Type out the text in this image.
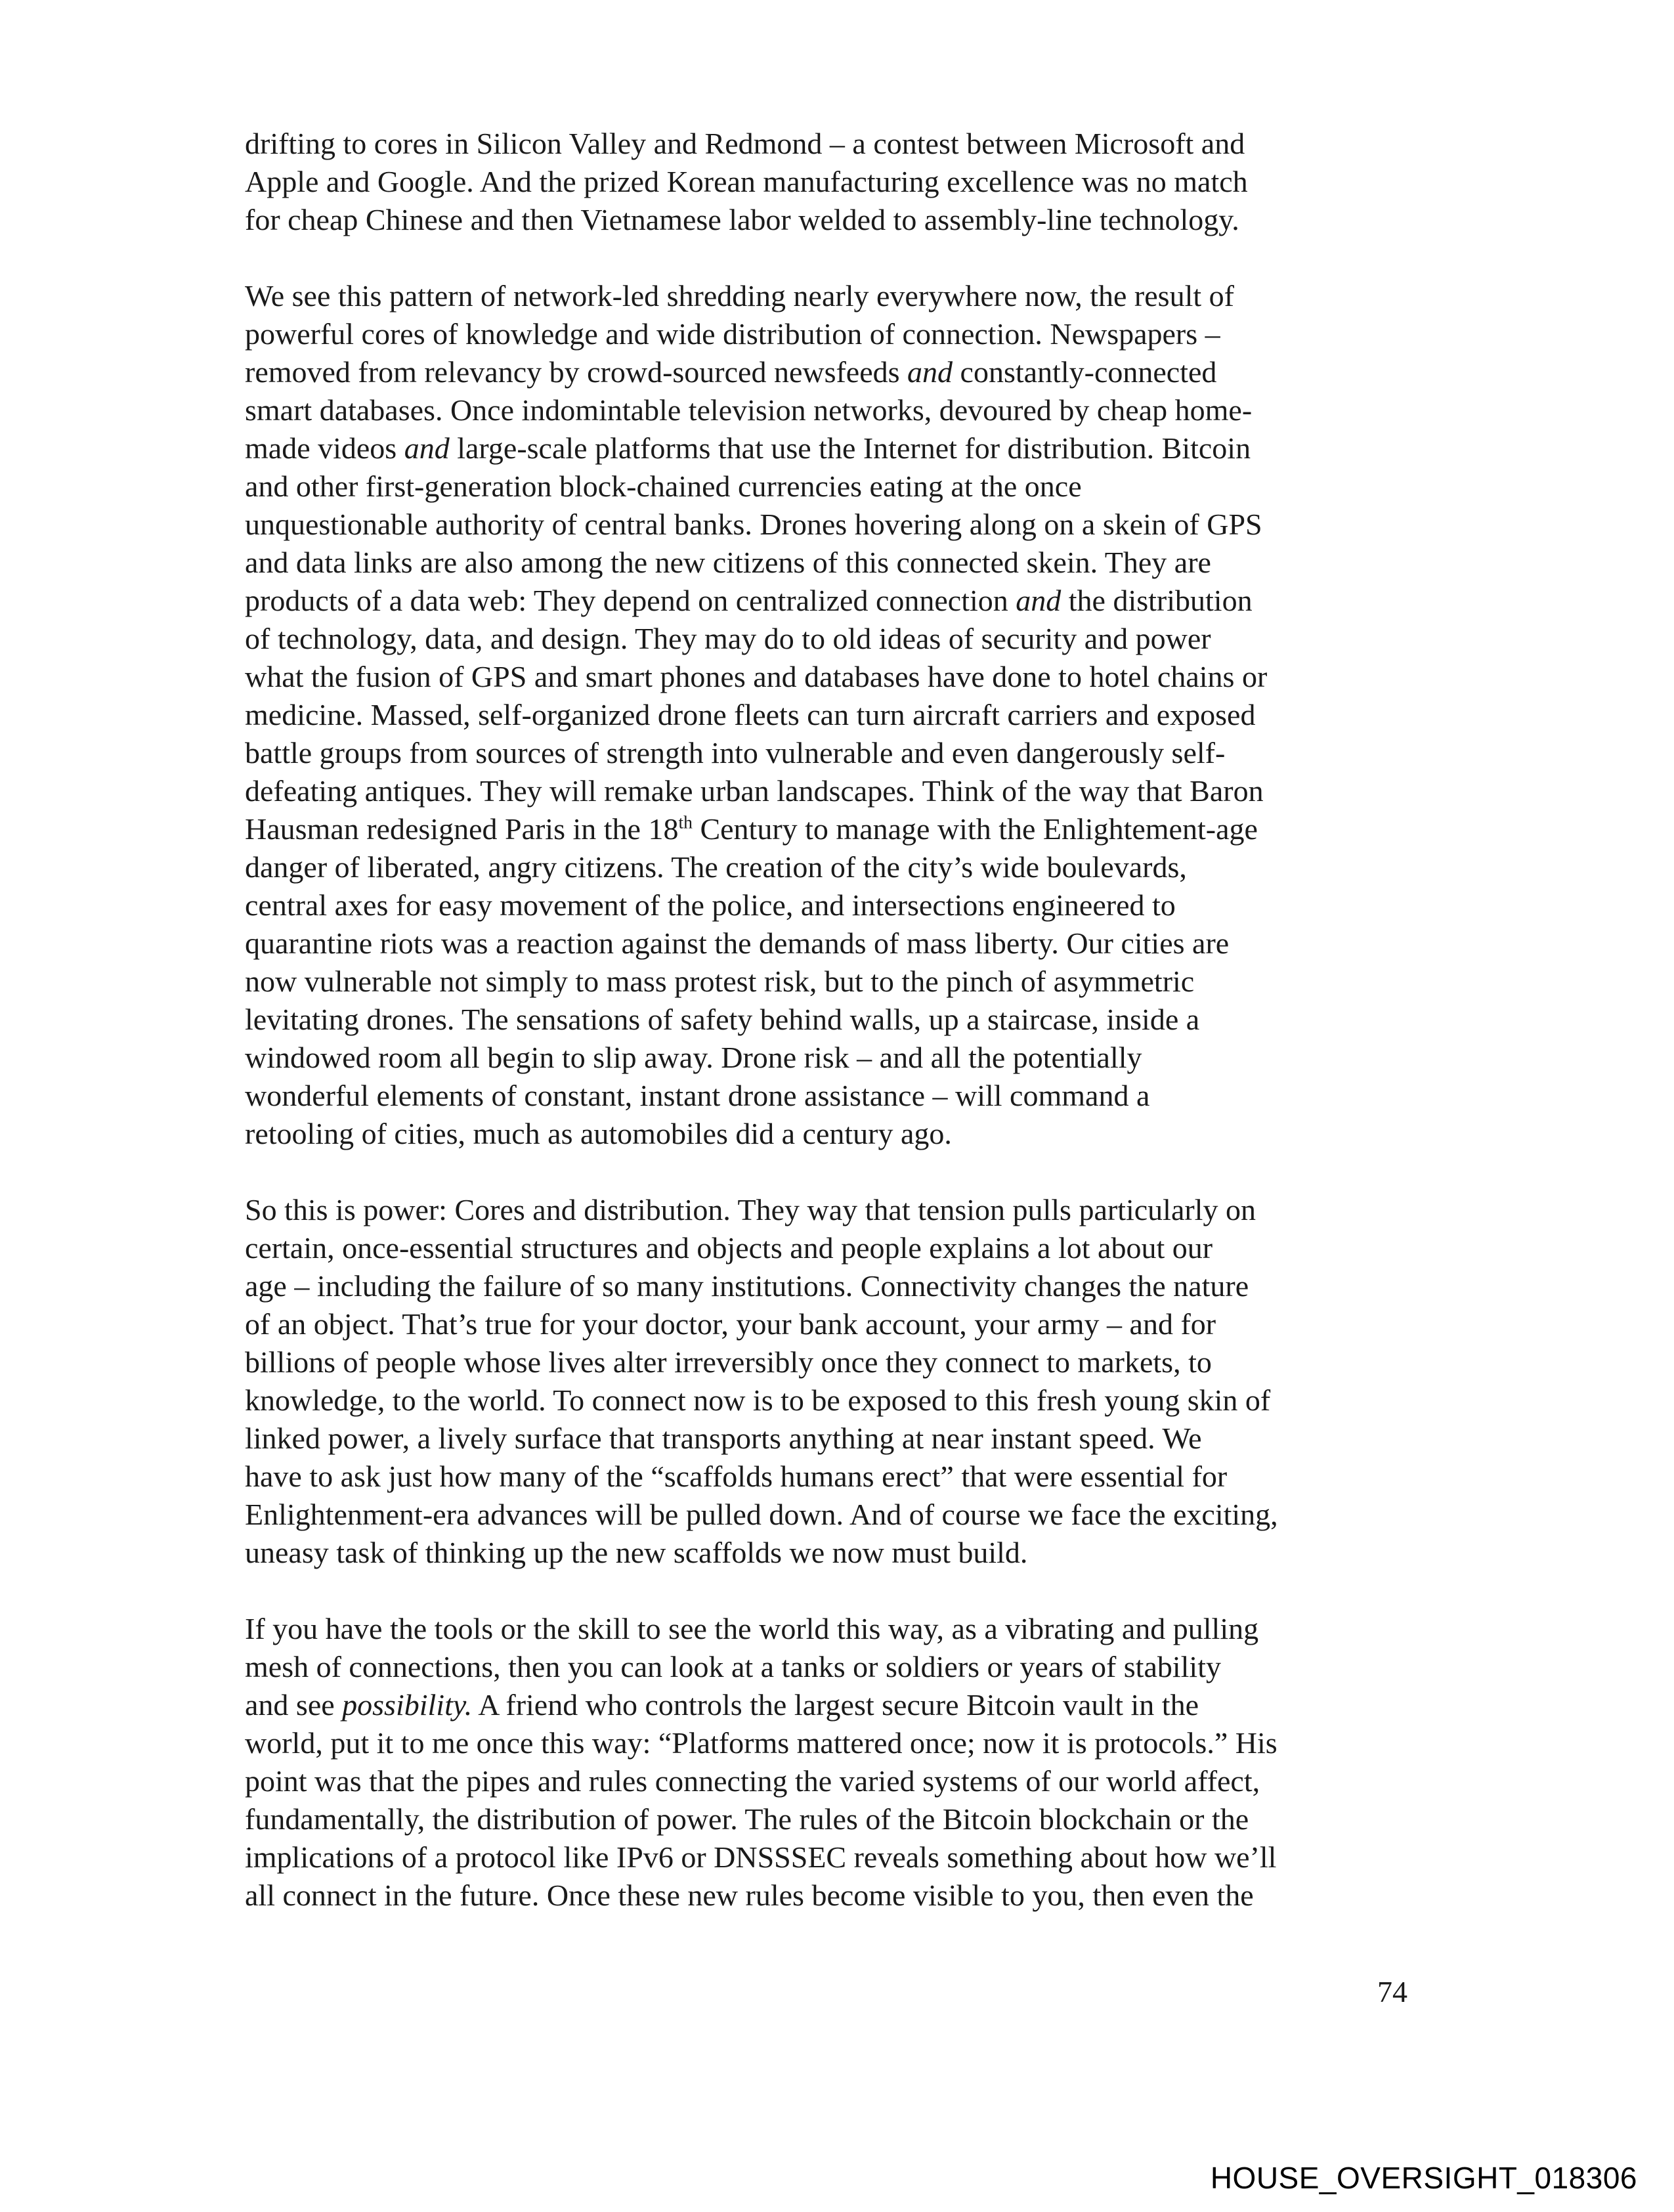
drifting to cores in Silicon Valley and Redmond – a contest between Microsoft and
Apple and Google. And the prized Korean manufacturing excellence was no match
for cheap Chinese and then Vietnamese labor welded to assembly-line technology.
We see this pattern of network-led shredding nearly everywhere now, the result of
powerful cores of knowledge and wide distribution of connection. Newspapers –
removed from relevancy by crowd-sourced newsfeeds and constantly-connected
smart databases. Once indomintable television networks, devoured by cheap home-
made videos and large-scale platforms that use the Internet for distribution. Bitcoin
and other first-generation block-chained currencies eating at the once
unquestionable authority of central banks. Drones hovering along on a skein of GPS
and data links are also among the new citizens of this connected skein. They are
products of a data web: They depend on centralized connection and the distribution
of technology, data, and design. They may do to old ideas of security and power
what the fusion of GPS and smart phones and databases have done to hotel chains or
medicine. Massed, self-organized drone fleets can turn aircraft carriers and exposed
battle groups from sources of strength into vulnerable and even dangerously self-
defeating antiques. They will remake urban landscapes. Think of the way that Baron
Hausman redesigned Paris in the 18th Century to manage with the Enlightement-age
danger of liberated, angry citizens. The creation of the city’s wide boulevards,
central axes for easy movement of the police, and intersections engineered to
quarantine riots was a reaction against the demands of mass liberty. Our cities are
now vulnerable not simply to mass protest risk, but to the pinch of asymmetric
levitating drones. The sensations of safety behind walls, up a staircase, inside a
windowed room all begin to slip away. Drone risk – and all the potentially
wonderful elements of constant, instant drone assistance – will command a
retooling of cities, much as automobiles did a century ago.
So this is power: Cores and distribution. They way that tension pulls particularly on
certain, once-essential structures and objects and people explains a lot about our
age – including the failure of so many institutions. Connectivity changes the nature
of an object. That’s true for your doctor, your bank account, your army – and for
billions of people whose lives alter irreversibly once they connect to markets, to
knowledge, to the world. To connect now is to be exposed to this fresh young skin of
linked power, a lively surface that transports anything at near instant speed. We
have to ask just how many of the “scaffolds humans erect” that were essential for
Enlightenment-era advances will be pulled down. And of course we face the exciting,
uneasy task of thinking up the new scaffolds we now must build.
If you have the tools or the skill to see the world this way, as a vibrating and pulling
mesh of connections, then you can look at a tanks or soldiers or years of stability
and see possibility. A friend who controls the largest secure Bitcoin vault in the
world, put it to me once this way: “Platforms mattered once; now it is protocols.” His
point was that the pipes and rules connecting the varied systems of our world affect,
fundamentally, the distribution of power. The rules of the Bitcoin blockchain or the
implications of a protocol like IPv6 or DNSSSEC reveals something about how we’ll
all connect in the future. Once these new rules become visible to you, then even the
74
HOUSE_OVERSIGHT_018306
